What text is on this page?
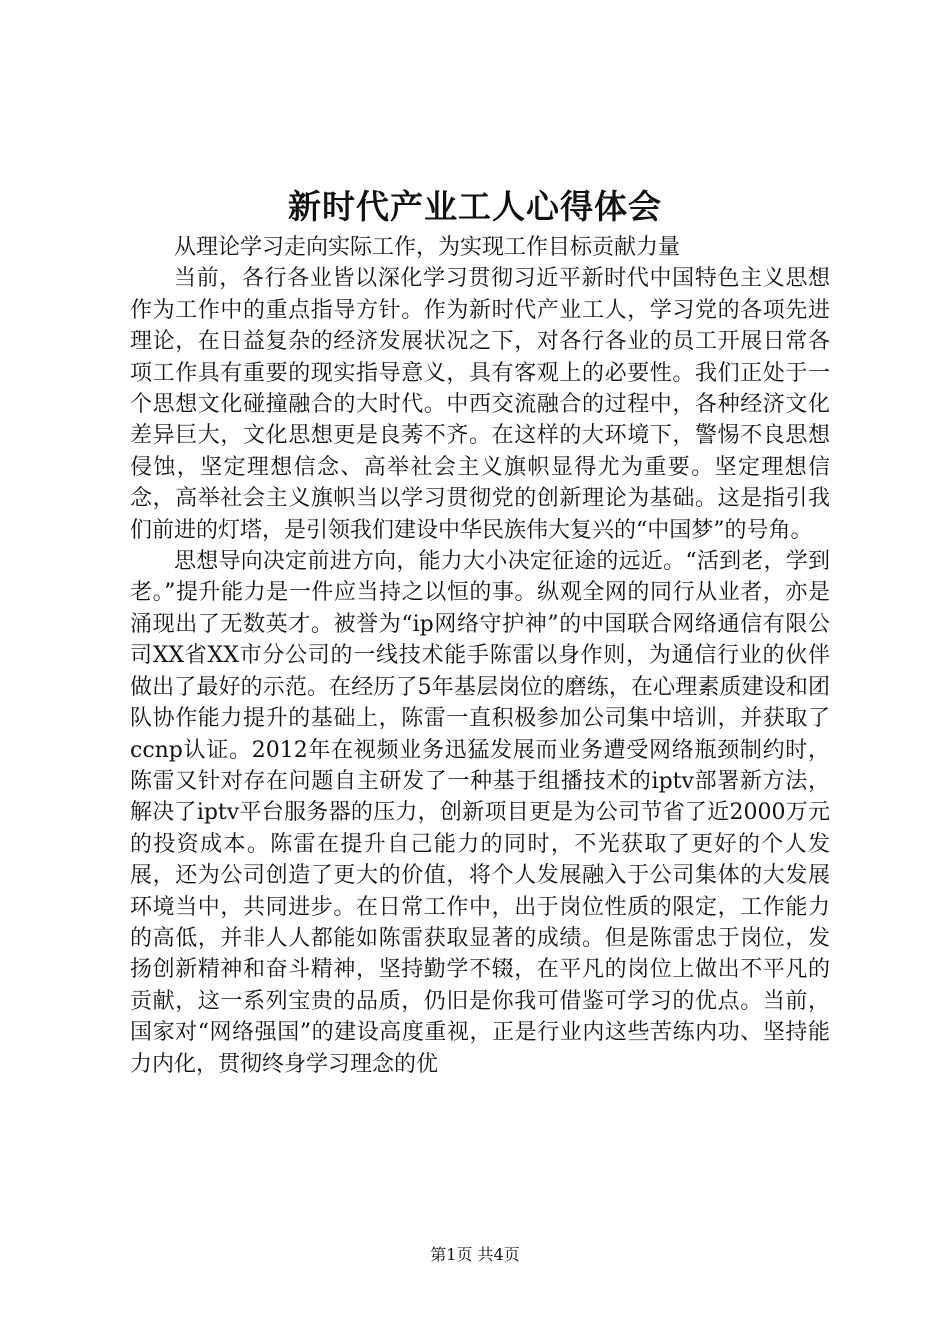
新时代产业工人心得体会

从理论学习走向实际工作，为实现工作目标贡献力量

当前，各行各业皆以深化学习贯彻习近平新时代中国特色主义思想作为工作中的重点指导方针。作为新时代产业工人，学习党的各项先进理论，在日益复杂的经济发展状况之下，对各行各业的员工开展日常各项工作具有重要的现实指导意义，具有客观上的必要性。我们正处于一个思想文化碰撞融合的大时代。中西交流融合的过程中，各种经济文化差异巨大，文化思想更是良莠不齐。在这样的大环境下，警惕不良思想侵蚀，坚定理想信念、高举社会主义旗帜显得尤为重要。坚定理想信念，高举社会主义旗帜当以学习贯彻党的创新理论为基础。这是指引我们前进的灯塔，是引领我们建设中华民族伟大复兴的“中国梦”的号角。

思想导向决定前进方向，能力大小决定征途的远近。“活到老，学到老。”提升能力是一件应当持之以恒的事。纵观全网的同行从业者，亦是涌现出了无数英才。被誉为“ip网络守护神”的中国联合网络通信有限公司XX省XX市分公司的一线技术能手陈雷以身作则，为通信行业的伙伴做出了最好的示范。在经历了5年基层岗位的磨练，在心理素质建设和团队协作能力提升的基础上，陈雷一直积极参加公司集中培训，并获取了ccnp认证。2012年在视频业务迅猛发展而业务遭受网络瓶颈制约时，陈雷又针对存在问题自主研发了一种基于组播技术的iptv部署新方法，解决了iptv平台服务器的压力，创新项目更是为公司节省了近2000万元的投资成本。陈雷在提升自己能力的同时，不光获取了更好的个人发展，还为公司创造了更大的价值，将个人发展融入于公司集体的大发展环境当中，共同进步。在日常工作中，出于岗位性质的限定，工作能力的高低，并非人人都能如陈雷获取显著的成绩。但是陈雷忠于岗位，发扬创新精神和奋斗精神，坚持勤学不辍，在平凡的岗位上做出不平凡的贡献，这一系列宝贵的品质，仍旧是你我可借鉴可学习的优点。当前，国家对“网络强国”的建设高度重视，正是行业内这些苦练内功、坚持能力内化，贯彻终身学习理念的优

第1页 共4页
